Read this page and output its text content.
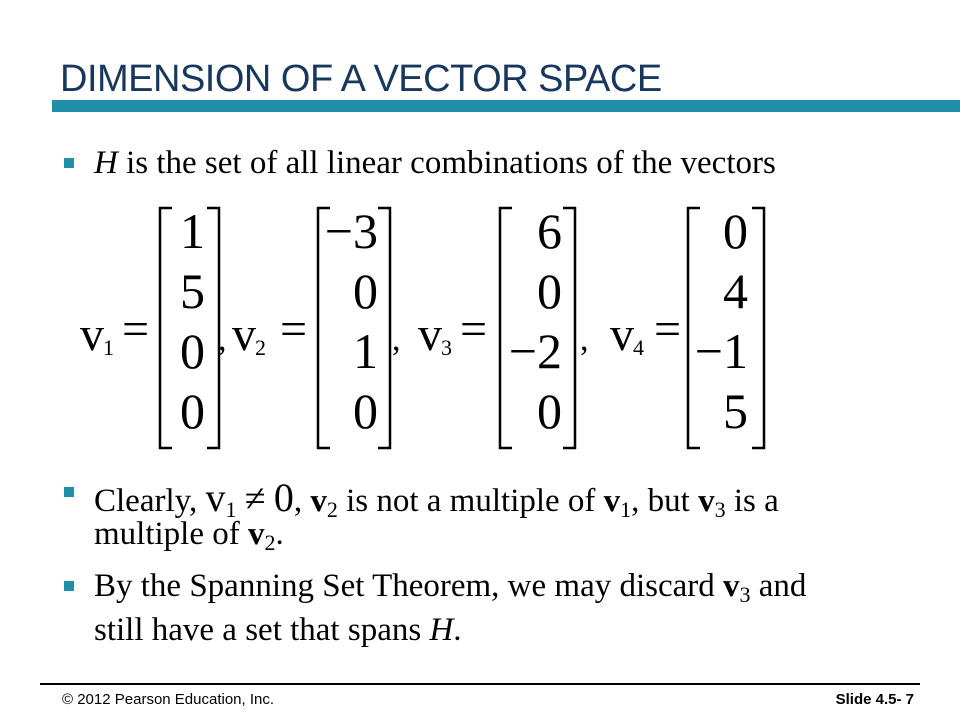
DIMENSION OF A VECTOR SPACE
H is the set of all linear combinations of the vectors
v 1 =
1
5
0
0
, v 2 =
−3
0
1
0
, v 3 =
6
0
−2
0
, v 4 =
0
4
−1
5
Clearly, $v_1 \ne 0$, $v_2$ is not a multiple of $v_1$, but $v_3$ is a
multiple of $v_2$.
By the Spanning Set Theorem, we may discard $v_3$ and
still have a set that spans H.
© 2012 Pearson Education, Inc.	Slide 4.5- 7
